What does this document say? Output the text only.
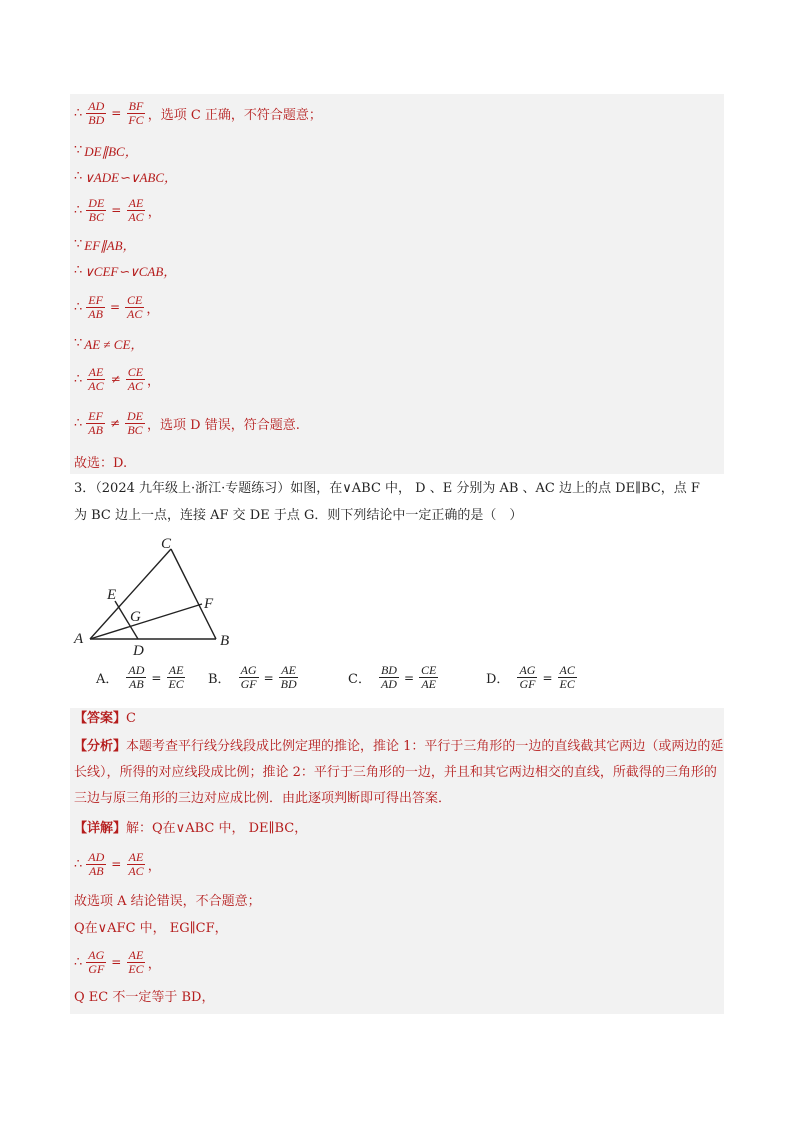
∴ $\frac{AD}{BD} = \frac{BF}{FC}$ ，选项 C 正确，不符合题意；
∵ DE∥BC，
∴ ∨ADE∽∨ABC，
∴ $\frac{DE}{BC} = \frac{AE}{AC}$ ，
∵ EF∥AB，
∴ ∨CEF∽∨CAB，
∴ $\frac{EF}{AB} = \frac{CE}{AC}$ ，
∵ AE ≠ CE，
∴ $\frac{AE}{AC} \ne \frac{CE}{AC}$ ，
∴ $\frac{EF}{AB} \ne \frac{DE}{BC}$ ，选项 D 错误，符合题意.
故选：D.
3．（2024 九年级上·浙江·专题练习）如图，在∨ABC 中， D 、E 分别为 AB 、AC 边上的点 DE∥BC，点 F
为 BC 边上一点，连接 AF 交 DE 于点 G．则下列结论中一定正确的是（　）
C
E
F
G
A	B
D
A． $\frac{AD}{AB} = \frac{AE}{EC}$ B． $\frac{AG}{GF} = \frac{AE}{BD}$	C． $\frac{BD}{AD} = \frac{CE}{AE}$	D． $\frac{AG}{GF} = \frac{AC}{EC}$
【答案】C
【分析】本题考查平行线分线段成比例定理的推论，推论 1：平行于三角形的一边的直线截其它两边（或两边的延长线），所得的对应线段成比例；推论 2：平行于三角形的一边，并且和其它两边相交的直线，所截得的三角形的三边与原三角形的三边对应成比例．由此逐项判断即可得出答案．
【详解】解：Q在∨ABC 中， DE∥BC，
∴ $\frac{AD}{AB} = \frac{AE}{AC}$ ，
故选项 A 结论错误，不合题意；
Q在∨AFC 中， EG∥CF，
∴ $\frac{AG}{GF} = \frac{AE}{EC}$ ，
Q EC 不一定等于 BD，
